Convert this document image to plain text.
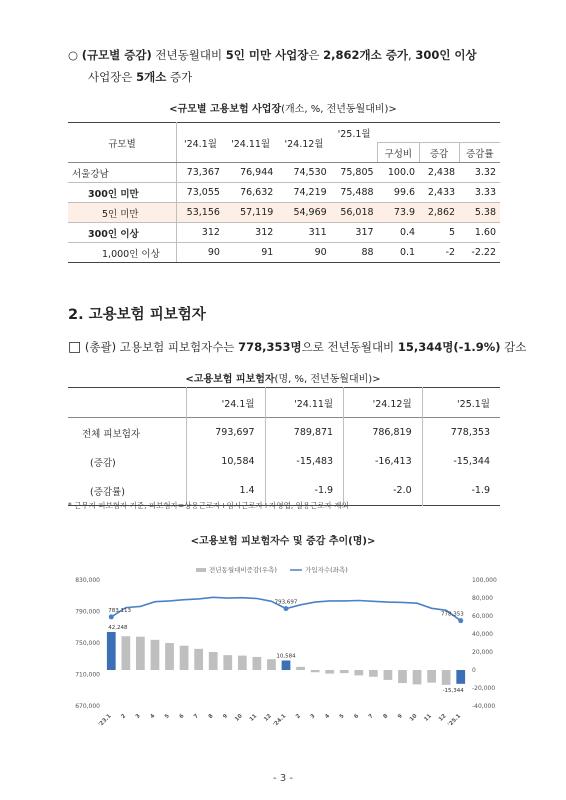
○ (규모별 증감) 전년동월대비 5인 미만 사업장은 2,862개소 증가, 300인 이상
사업장은 5개소 증가
<규모별 고용보험 사업장(개소, %, 전년동월대비)>
규모별	'24.1월	'24.11월	'24.12월	'25.1월			
					구성비	증감	증감률
서울강남	73,367	76,944	74,530	75,805	100.0	2,438	3.32
300인 미만	73,055	76,632	74,219	75,488	99.6	2,433	3.33
5인 미만	53,156	57,119	54,969	56,018	73.9	2,862	5.38
300인 이상	312	312	311	317	0.4	5	1.60
1,000인 이상	90	91	90	88	0.1	-2	-2.22
2. 고용보험 피보험자
□ (총괄) 고용보험 피보험자수는 778,353명으로 전년동월대비 15,344명(-1.9%) 감소
<고용보험 피보험자(명, %, 전년동월대비)>
	'24.1월	'24.11월	'24.12월	'25.1월
전체 피보험자	793,697	789,871	786,819	778,353
(증감)	10,584	-15,483	-16,413	-15,344
(증감률)	1.4	-1.9	-2.0	-1.9
* 근무지 피보험자 기준, 피보험자=상용근로자+임시근로자+자영업, 일용근로자 제외
<고용보험 피보험자수 및 증감 추이(명)>
전년동월대비증감(우측)	가입자수(좌측)
830,000
790,000
750,000
710,000
670,000
100,000
80,000
60,000
40,000
20,000
0
-20,000
-40,000
'23.1 2 3 4 5 6 7 8 9 10 11 12 '24.1 2 3 4 5 6 7 8 9 10 11 12 '25.1
783,113
793,697
778,353
42,248
10,584
-15,344
- 3 -
